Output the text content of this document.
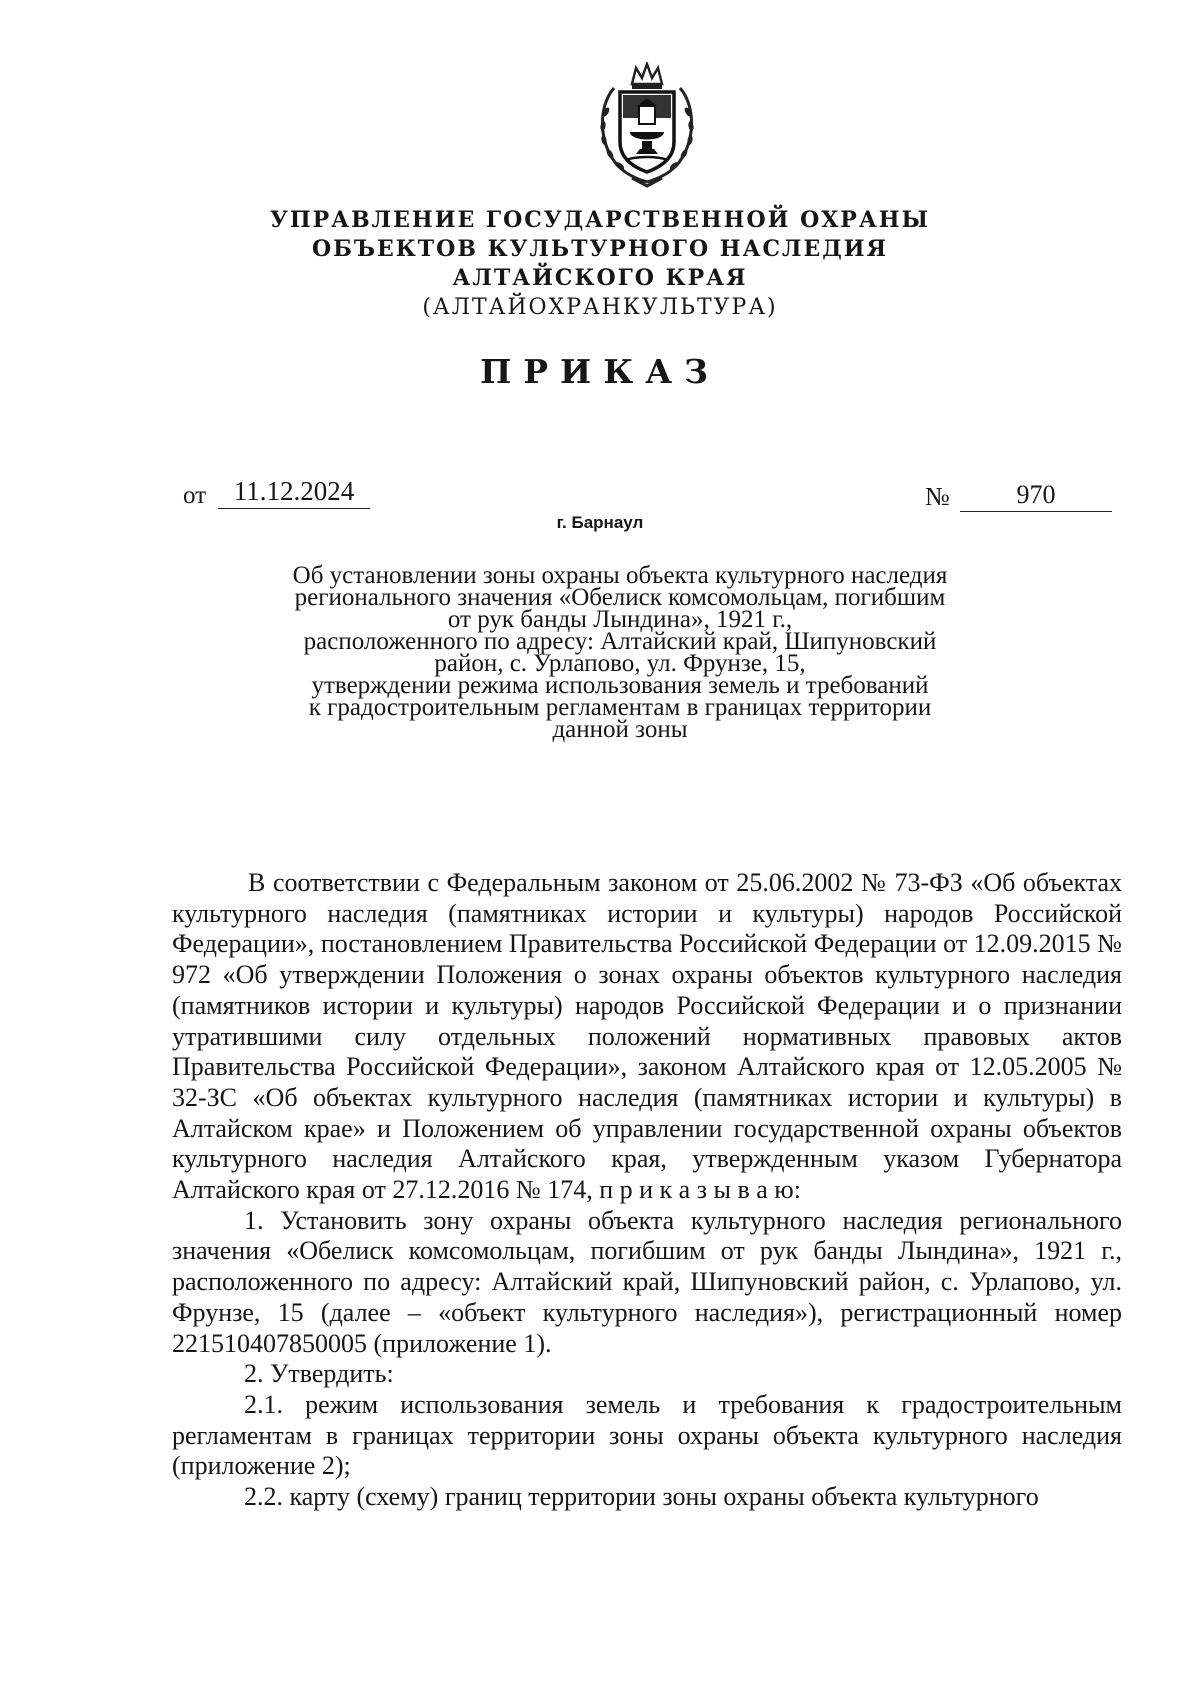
УПРАВЛЕНИЕ ГОСУДАРСТВЕННОЙ ОХРАНЫ
ОБЪЕКТОВ КУЛЬТУРНОГО НАСЛЕДИЯ
АЛТАЙСКОГО КРАЯ
(АЛТАЙОХРАНКУЛЬТУРА)
ПРИКАЗ
от	11.12.2024	№	970
г. Барнаул
Об установлении зоны охраны объекта культурного наследия
регионального значения «Обелиск комсомольцам, погибшим
от рук банды Лындина», 1921 г.,
расположенного по адресу: Алтайский край, Шипуновский
район, с. Урлапово, ул. Фрунзе, 15,
утверждении режима использования земель и требований
к градостроительным регламентам в границах территории
данной зоны

В соответствии с Федеральным законом от 25.06.2002 № 73-ФЗ «Об объектах культурного наследия (памятниках истории и культуры) народов Российской Федерации», постановлением Правительства Российской Федерации от 12.09.2015 № 972 «Об утверждении Положения о зонах охраны объектов культурного наследия (памятников истории и культуры) народов Российской Федерации и о признании утратившими силу отдельных положений нормативных правовых актов Правительства Российской Федерации», законом Алтайского края от 12.05.2005 № 32-ЗС «Об объектах культурного наследия (памятниках истории и культуры) в Алтайском крае» и Положением об управлении государственной охраны объектов культурного наследия Алтайского края, утвержденным указом Губернатора Алтайского края от 27.12.2016 № 174, п р и к а з ы в а ю:

1. Установить зону охраны объекта культурного наследия регионального значения «Обелиск комсомольцам, погибшим от рук банды Лындина», 1921 г., расположенного по адресу: Алтайский край, Шипуновский район, с. Урлапово, ул. Фрунзе, 15 (далее – «объект культурного наследия»), регистрационный номер 221510407850005 (приложение 1).

2. Утвердить:

2.1. режим использования земель и требования к градостроительным регламентам в границах территории зоны охраны объекта культурного наследия (приложение 2);

2.2. карту (схему) границ территории зоны охраны объекта культурного
